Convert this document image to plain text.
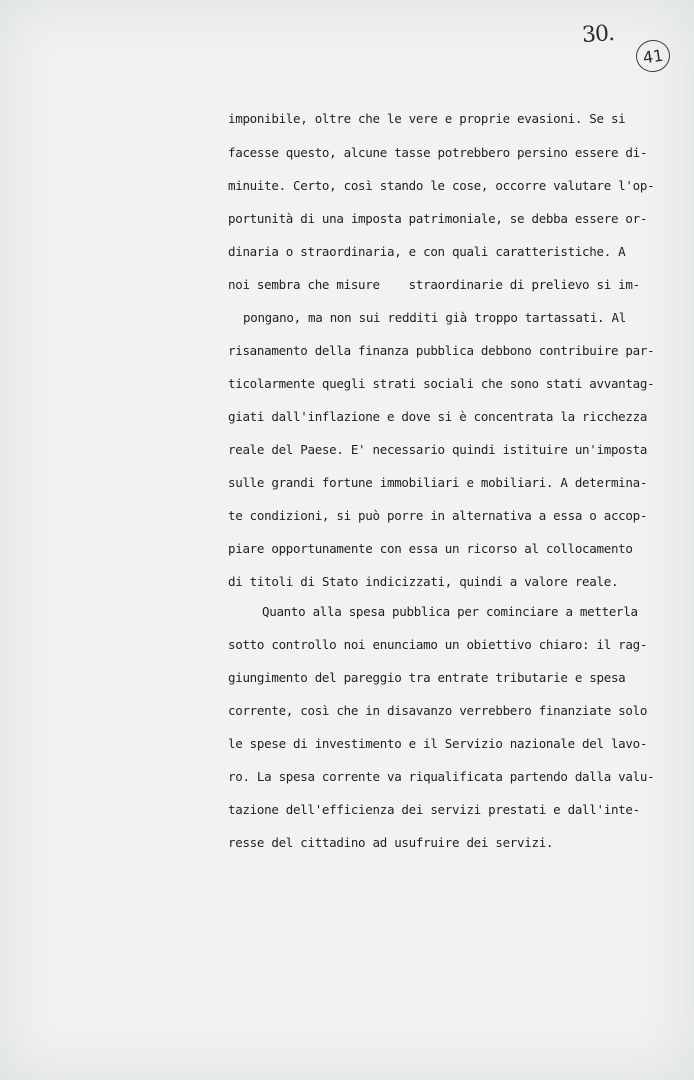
30.
41
imponibile, oltre che le vere e proprie evasioni. Se si
facesse questo, alcune tasse potrebbero persino essere di-
minuite. Certo, così stando le cose, occorre valutare l'op-
portunità di una imposta patrimoniale, se debba essere or-
dinaria o straordinaria, e con quali caratteristiche. A
noi sembra che misure    straordinarie di prelievo si im-
pongano, ma non sui redditi già troppo tartassati. Al
risanamento della finanza pubblica debbono contribuire par-
ticolarmente quegli strati sociali che sono stati avvantag-
giati dall'inflazione e dove si è concentrata la ricchezza
reale del Paese. E' necessario quindi istituire un'imposta
sulle grandi fortune immobiliari e mobiliari. A determina-
te condizioni, si può porre in alternativa a essa o accop-
piare opportunamente con essa un ricorso al collocamento
di titoli di Stato indicizzati, quindi a valore reale.
Quanto alla spesa pubblica per cominciare a metterla
sotto controllo noi enunciamo un obiettivo chiaro: il rag-
giungimento del pareggio tra entrate tributarie e spesa
corrente, così che in disavanzo verrebbero finanziate solo
le spese di investimento e il Servizio nazionale del lavo-
ro. La spesa corrente va riqualificata partendo dalla valu-
tazione dell'efficienza dei servizi prestati e dall'inte-
resse del cittadino ad usufruire dei servizi.
